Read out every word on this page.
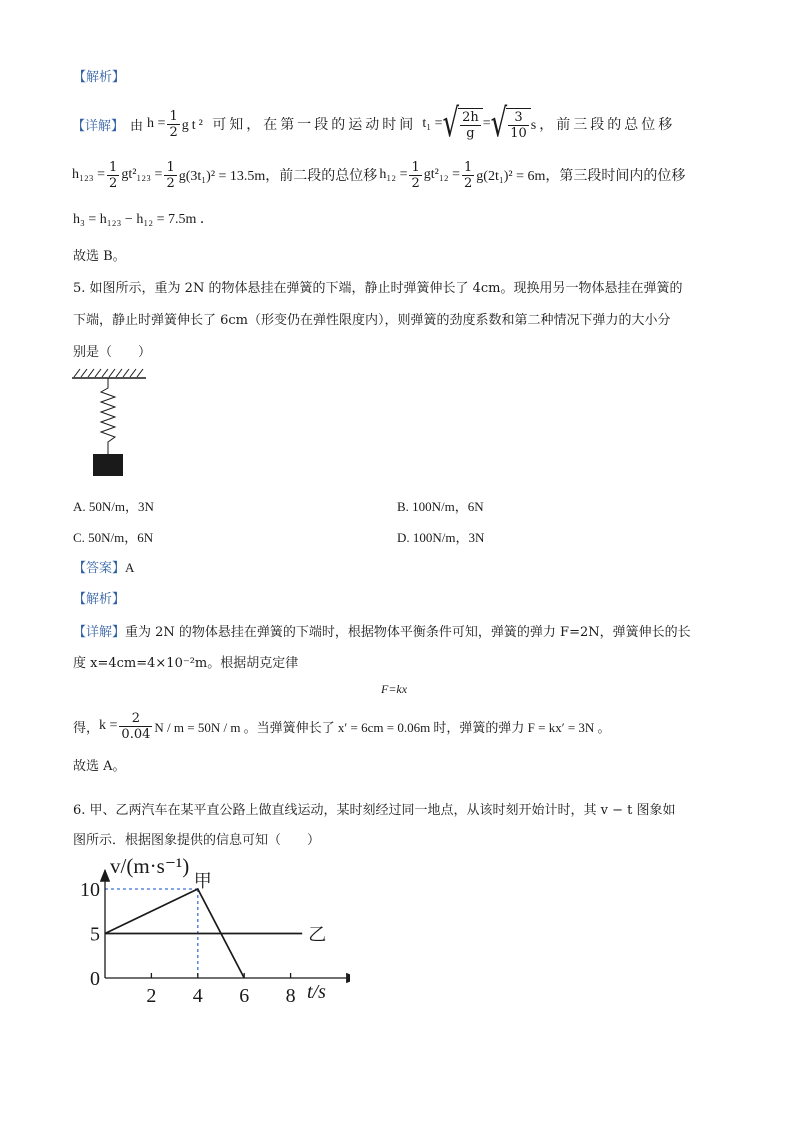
【解析】
【详解】 由 $h = \frac{1}{2} gt^2$ 可知，在第一段的运动时间 t₁ = √ $\frac{2h}{g}$ = √ $\frac{3}{10}$ s，前三段的总位移
$h_{123} = \frac{1}{2} gt^2_{123} = \frac{1}{2} g(3t_1)^2 = 13.5m$，前二段的总位移 $h_{12} = \frac{1}{2} gt^2_{12} = \frac{1}{2} g(2t_1)^2 = 6m$，第三段时间内的位移
h₃ = h₁₂₃ − h₁₂ = 7.5m ．
故选 B。
5. 如图所示，重为 2N 的物体悬挂在弹簧的下端，静止时弹簧伸长了 4cm。现换用另一物体悬挂在弹簧的
下端，静止时弹簧伸长了 6cm（形变仍在弹性限度内），则弹簧的劲度系数和第二种情况下弹力的大小分
别是（　　）
A. 50N/m，3N	B. 100N/m，6N
C. 50N/m，6N	D. 100N/m，3N
【答案】A
【解析】
【详解】重为 2N 的物体悬挂在弹簧的下端时，根据物体平衡条件可知，弹簧的弹力 F=2N，弹簧伸长的长
度 x=4cm=4×10⁻²m。根据胡克定律
F=kx
得， $k = \frac{2}{0.04}$ N / m = 50N / m 。当弹簧伸长了 x′ = 6cm = 0.06m 时，弹簧的弹力 F = kx′ = 3N 。
故选 A。
6. 甲、乙两汽车在某平直公路上做直线运动，某时刻经过同一地点，从该时刻开始计时，其 v − t 图象如
图所示．根据图象提供的信息可知（　　）
甲
乙
2 4 6 8
0
5
10
v/(m·s⁻¹)
t/s
